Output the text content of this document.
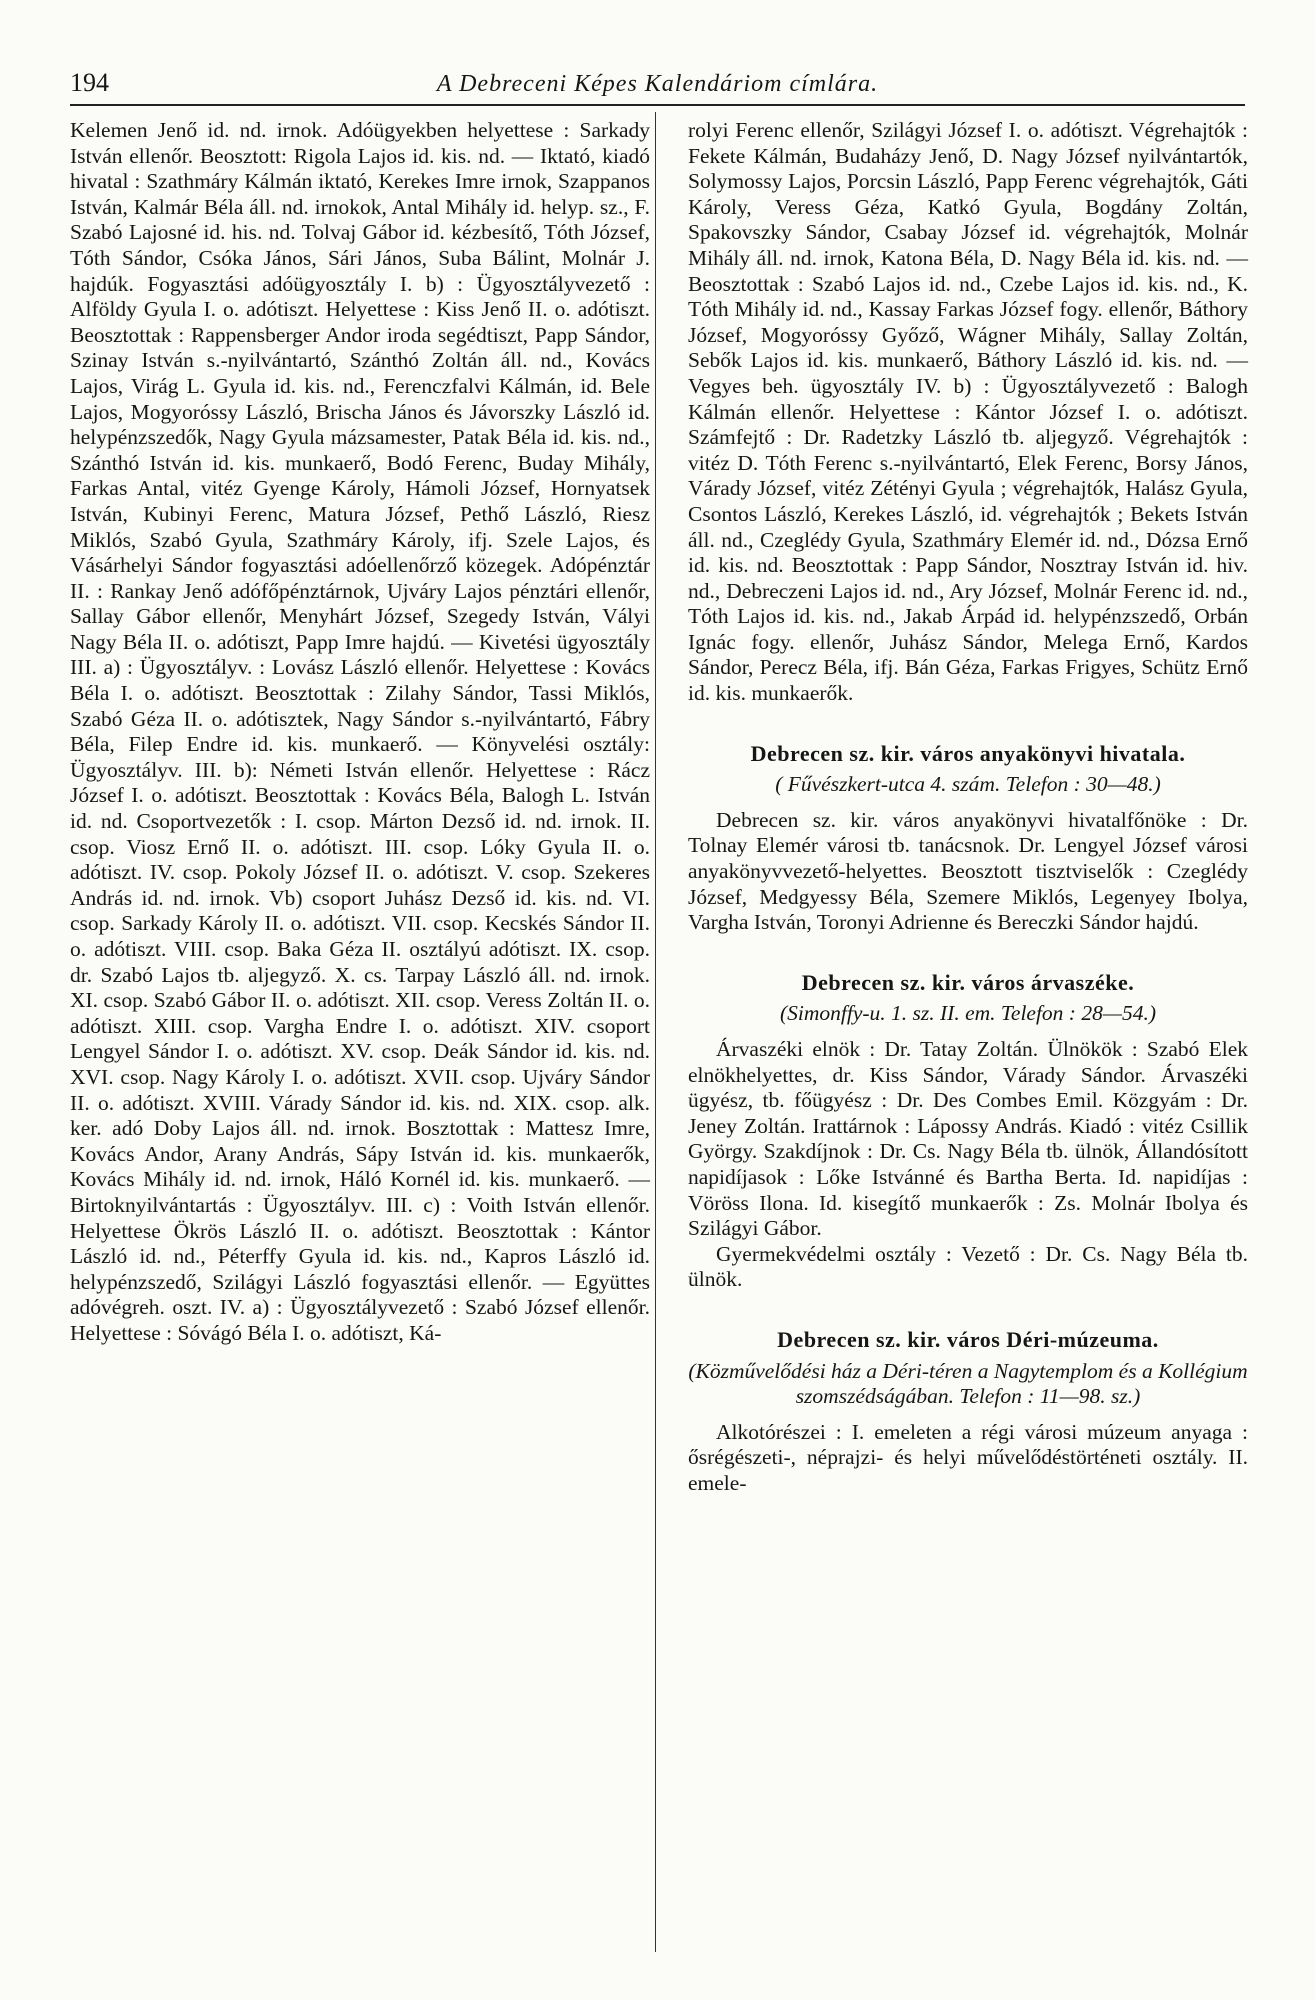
194	A Debreceni Képes Kalendáriom címlára.

Kelemen Jenő id. nd. irnok. Adóügyekben helyettese : Sarkady István ellenőr. Beosztott: Rigola Lajos id. kis. nd. — Iktató, kiadó hivatal : Szathmáry Kálmán iktató, Kerekes Imre irnok, Szappanos István, Kalmár Béla áll. nd. irnokok, Antal Mihály id. helyp. sz., F. Szabó Lajosné id. his. nd. Tolvaj Gábor id. kézbesítő, Tóth József, Tóth Sándor, Csóka János, Sári János, Suba Bálint, Molnár J. hajdúk. Fogyasztási adóügyosztály I. b) : Ügyosztályvezető : Alföldy Gyula I. o. adótiszt. Helyettese : Kiss Jenő II. o. adótiszt. Beosztottak : Rappensberger Andor iroda segédtiszt, Papp Sándor, Szinay István s.-nyilvántartó, Szánthó Zoltán áll. nd., Kovács Lajos, Virág L. Gyula id. kis. nd., Ferenczfalvi Kálmán, id. Bele Lajos, Mogyoróssy László, Brischa János és Jávorszky László id. helypénzszedők, Nagy Gyula mázsamester, Patak Béla id. kis. nd., Szánthó István id. kis. munkaerő, Bodó Ferenc, Buday Mihály, Farkas Antal, vitéz Gyenge Károly, Hámoli József, Hornyatsek István, Kubinyi Ferenc, Matura József, Pethő László, Riesz Miklós, Szabó Gyula, Szathmáry Károly, ifj. Szele Lajos, és Vásárhelyi Sándor fogyasztási adóellenőrző közegek. Adópénztár II. : Rankay Jenő adófőpénztárnok, Ujváry Lajos pénztári ellenőr, Sallay Gábor ellenőr, Menyhárt József, Szegedy István, Vályi Nagy Béla II. o. adótiszt, Papp Imre hajdú. — Kivetési ügyosztály III. a) : Ügyosztályv. : Lovász László ellenőr. Helyettese : Kovács Béla I. o. adótiszt. Beosztottak : Zilahy Sándor, Tassi Miklós, Szabó Géza II. o. adótisztek, Nagy Sándor s.-nyilvántartó, Fábry Béla, Filep Endre id. kis. munkaerő. — Könyvelési osztály: Ügyosztályv. III. b): Németi István ellenőr. Helyettese : Rácz József I. o. adótiszt. Beosztottak : Kovács Béla, Balogh L. István id. nd. Csoportvezetők : I. csop. Márton Dezső id. nd. irnok. II. csop. Viosz Ernő II. o. adótiszt. III. csop. Lóky Gyula II. o. adótiszt. IV. csop. Pokoly József II. o. adótiszt. V. csop. Szekeres András id. nd. irnok. Vb) csoport Juhász Dezső id. kis. nd. VI. csop. Sarkady Károly II. o. adótiszt. VII. csop. Kecskés Sándor II. o. adótiszt. VIII. csop. Baka Géza II. osztályú adótiszt. IX. csop. dr. Szabó Lajos tb. aljegyző. X. cs. Tarpay László áll. nd. irnok. XI. csop. Szabó Gábor II. o. adótiszt. XII. csop. Veress Zoltán II. o. adótiszt. XIII. csop. Vargha Endre I. o. adótiszt. XIV. csoport Lengyel Sándor I. o. adótiszt. XV. csop. Deák Sándor id. kis. nd. XVI. csop. Nagy Károly I. o. adótiszt. XVII. csop. Ujváry Sándor II. o. adótiszt. XVIII. Várady Sándor id. kis. nd. XIX. csop. alk. ker. adó Doby Lajos áll. nd. irnok. Bosztottak : Mattesz Imre, Kovács Andor, Arany András, Sápy István id. kis. munkaerők, Kovács Mihály id. nd. irnok, Háló Kornél id. kis. munkaerő. — Birtoknyilvántartás : Ügyosztályv. III. c) : Voith István ellenőr. Helyettese Ökrös László II. o. adótiszt. Beosztottak : Kántor László id. nd., Péterffy Gyula id. kis. nd., Kapros László id. helypénzszedő, Szilágyi László fogyasztási ellenőr. — Együttes adóvégreh. oszt. IV. a) : Ügyosztályvezető : Szabó József ellenőr. Helyettese : Sóvágó Béla I. o. adótiszt, Ká-

rolyi Ferenc ellenőr, Szilágyi József I. o. adótiszt. Végrehajtók : Fekete Kálmán, Budaházy Jenő, D. Nagy József nyilvántartók, Solymossy Lajos, Porcsin László, Papp Ferenc végrehajtók, Gáti Károly, Veress Géza, Katkó Gyula, Bogdány Zoltán, Spakovszky Sándor, Csabay József id. végrehajtók, Molnár Mihály áll. nd. irnok, Katona Béla, D. Nagy Béla id. kis. nd. — Beosztottak : Szabó Lajos id. nd., Czebe Lajos id. kis. nd., K. Tóth Mihály id. nd., Kassay Farkas József fogy. ellenőr, Báthory József, Mogyoróssy Győző, Wágner Mihály, Sallay Zoltán, Sebők Lajos id. kis. munkaerő, Báthory László id. kis. nd. — Vegyes beh. ügyosztály IV. b) : Ügyosztályvezető : Balogh Kálmán ellenőr. Helyettese : Kántor József I. o. adótiszt. Számfejtő : Dr. Radetzky László tb. aljegyző. Végrehajtók : vitéz D. Tóth Ferenc s.-nyilvántartó, Elek Ferenc, Borsy János, Várady József, vitéz Zétényi Gyula ; végrehajtók, Halász Gyula, Csontos László, Kerekes László, id. végrehajtók ; Bekets István áll. nd., Czeglédy Gyula, Szathmáry Elemér id. nd., Dózsa Ernő id. kis. nd. Beosztottak : Papp Sándor, Nosztray István id. hiv. nd., Debreczeni Lajos id. nd., Ary József, Molnár Ferenc id. nd., Tóth Lajos id. kis. nd., Jakab Árpád id. helypénzszedő, Orbán Ignác fogy. ellenőr, Juhász Sándor, Melega Ernő, Kardos Sándor, Perecz Béla, ifj. Bán Géza, Farkas Frigyes, Schütz Ernő id. kis. munkaerők.

Debrecen sz. kir. város anyakönyvi hivatala.
( Fűvészkert-utca 4. szám. Telefon : 30—48.)

Debrecen sz. kir. város anyakönyvi hivatalfőnöke : Dr. Tolnay Elemér városi tb. tanácsnok. Dr. Lengyel József városi anyakönyvvezető-helyettes. Beosztott tisztviselők : Czeglédy József, Medgyessy Béla, Szemere Miklós, Legenyey Ibolya, Vargha István, Toronyi Adrienne és Bereczki Sándor hajdú.

Debrecen sz. kir. város árvaszéke.
(Simonffy-u. 1. sz. II. em. Telefon : 28—54.)

Árvaszéki elnök : Dr. Tatay Zoltán. Ülnökök : Szabó Elek elnökhelyettes, dr. Kiss Sándor, Várady Sándor. Árvaszéki ügyész, tb. főügyész : Dr. Des Combes Emil. Közgyám : Dr. Jeney Zoltán. Irattárnok : Lápossy András. Kiadó : vitéz Csillik György. Szakdíjnok : Dr. Cs. Nagy Béla tb. ülnök, Állandósított napidíjasok : Lőke Istvánné és Bartha Berta. Id. napidíjas : Vöröss Ilona. Id. kisegítő munkaerők : Zs. Molnár Ibolya és Szilágyi Gábor.

Gyermekvédelmi osztály : Vezető : Dr. Cs. Nagy Béla tb. ülnök.

Debrecen sz. kir. város Déri-múzeuma.
(Közművelődési ház a Déri-téren a Nagytemplom és a Kollégium szomszédságában. Telefon : 11—98. sz.)

Alkotórészei : I. emeleten a régi városi múzeum anyaga : ősrégészeti-, néprajzi- és helyi művelődéstörténeti osztály. II. emele-
